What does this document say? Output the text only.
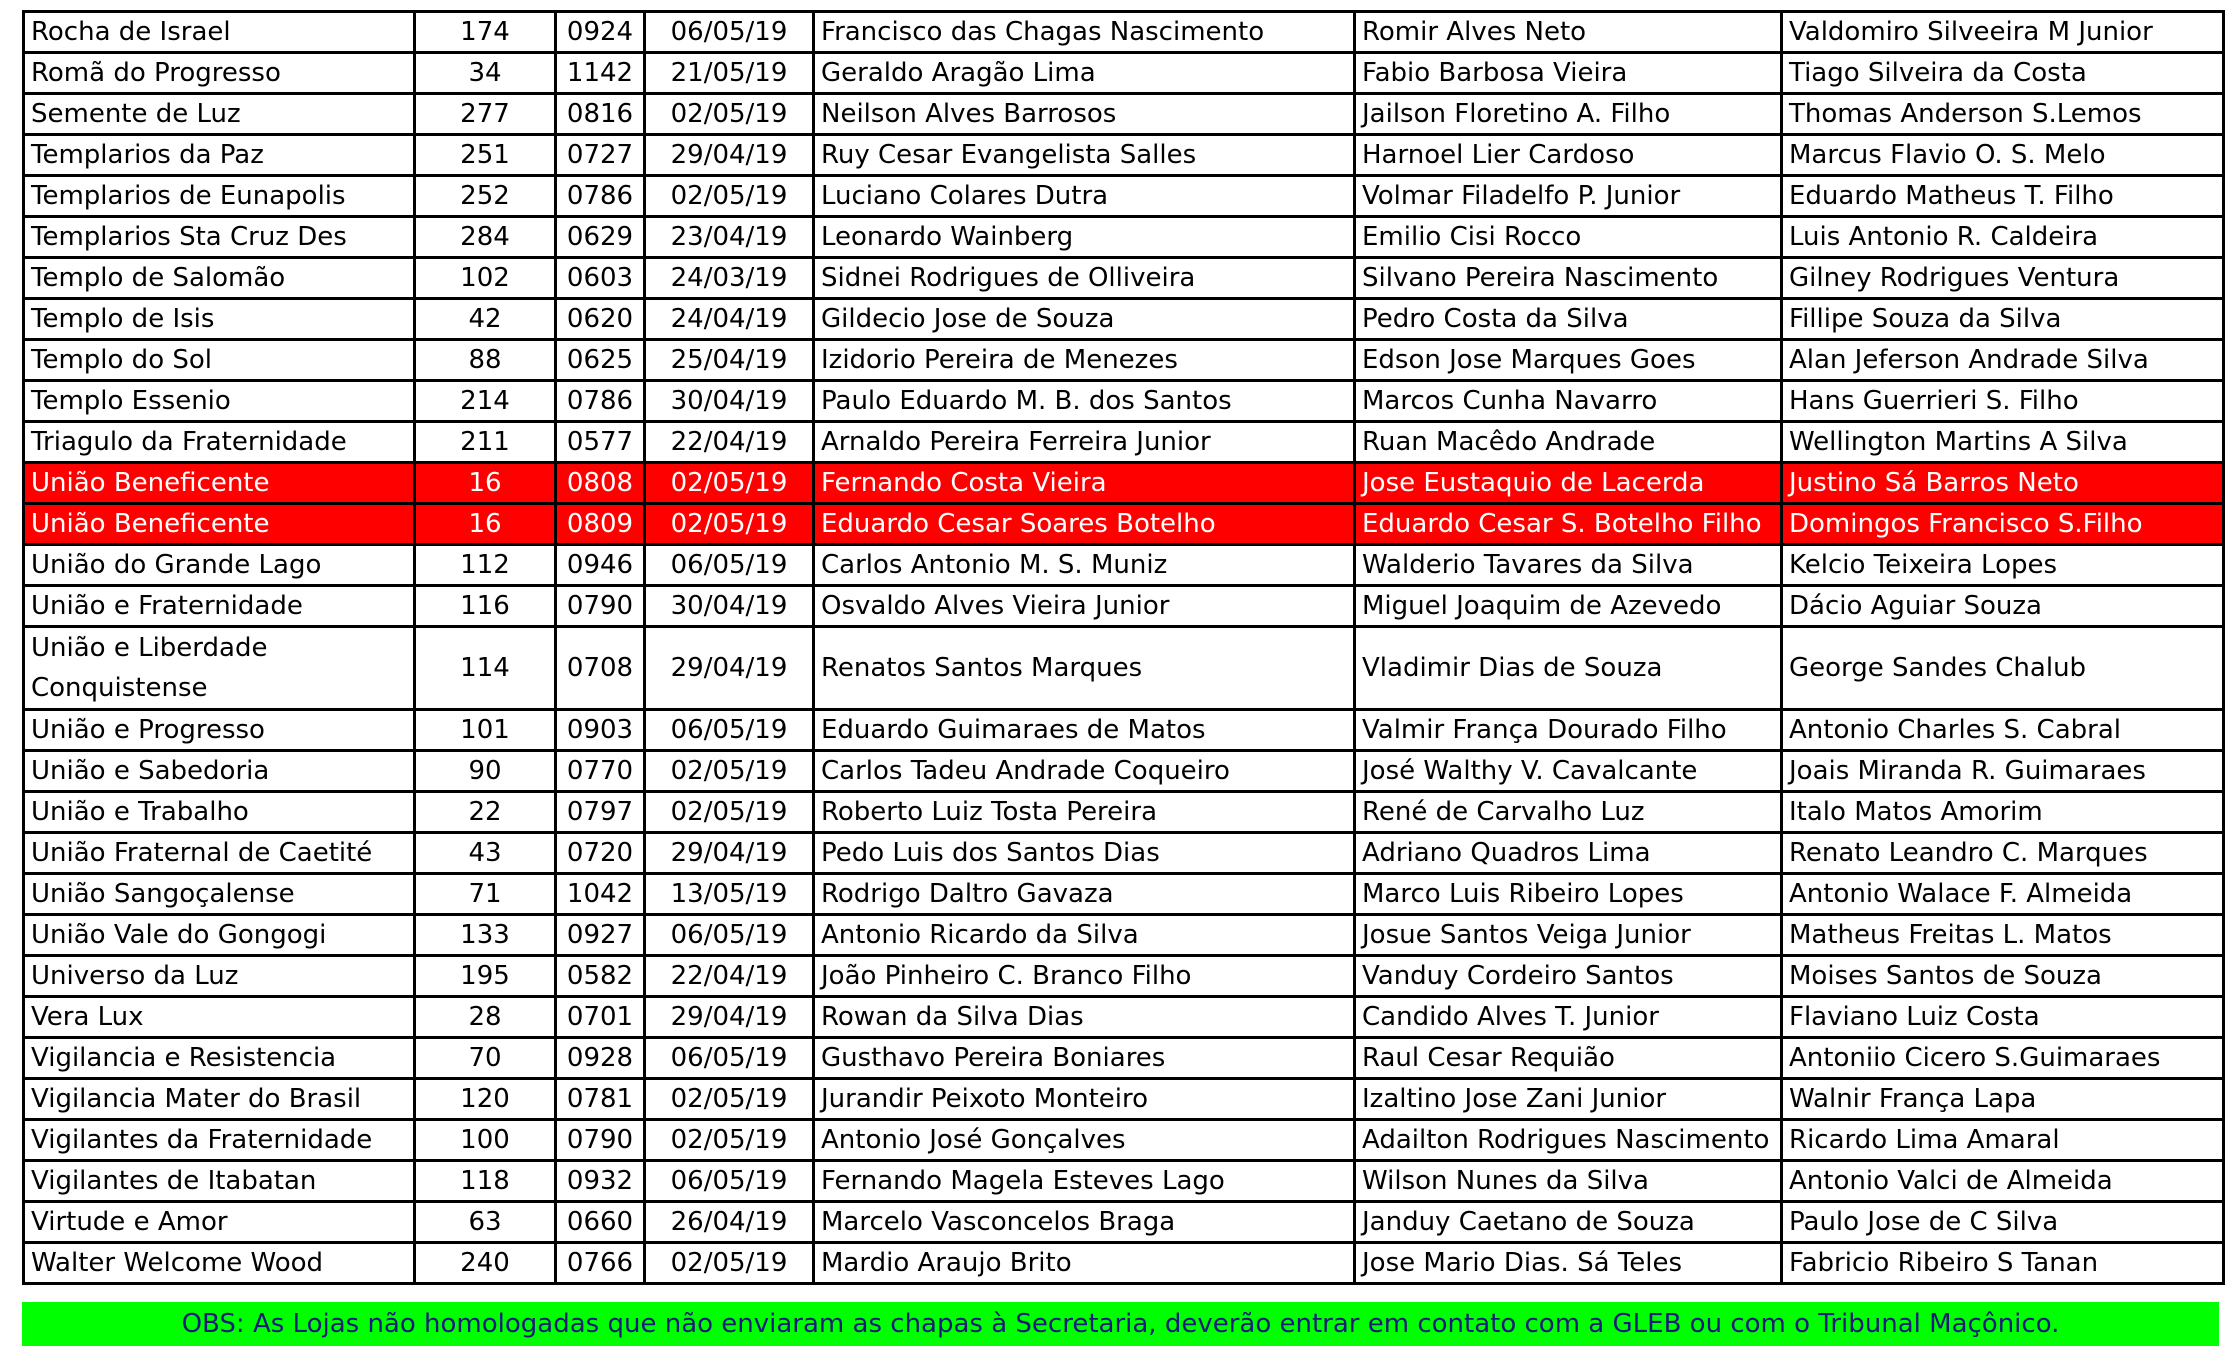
Rocha de Israel	174	0924	06/05/19	Francisco das Chagas Nascimento	Romir Alves Neto	Valdomiro Silveeira M Junior
Romã do Progresso	34	1142	21/05/19	Geraldo Aragão Lima	Fabio Barbosa Vieira	Tiago Silveira da Costa
Semente de Luz	277	0816	02/05/19	Neilson Alves Barrosos	Jailson Floretino A. Filho	Thomas Anderson S.Lemos
Templarios da Paz	251	0727	29/04/19	Ruy Cesar Evangelista Salles	Harnoel Lier Cardoso	Marcus Flavio O. S. Melo
Templarios de Eunapolis	252	0786	02/05/19	Luciano Colares Dutra	Volmar Filadelfo P. Junior	Eduardo Matheus T. Filho
Templarios Sta Cruz Des	284	0629	23/04/19	Leonardo Wainberg	Emilio Cisi Rocco	Luis Antonio R. Caldeira
Templo de Salomão	102	0603	24/03/19	Sidnei Rodrigues de Olliveira	Silvano Pereira Nascimento	Gilney Rodrigues Ventura
Templo de Isis	42	0620	24/04/19	Gildecio Jose de Souza	Pedro Costa da Silva	Fillipe Souza da Silva
Templo do Sol	88	0625	25/04/19	Izidorio Pereira de Menezes	Edson Jose Marques Goes	Alan Jeferson Andrade Silva
Templo Essenio	214	0786	30/04/19	Paulo Eduardo M. B. dos Santos	Marcos Cunha Navarro	Hans Guerrieri S. Filho
Triagulo da Fraternidade	211	0577	22/04/19	Arnaldo Pereira Ferreira Junior	Ruan Macêdo Andrade	Wellington Martins A Silva
União Beneficente	16	0808	02/05/19	Fernando Costa Vieira	Jose Eustaquio de Lacerda	Justino Sá Barros Neto
União Beneficente	16	0809	02/05/19	Eduardo Cesar Soares Botelho	Eduardo Cesar S. Botelho Filho	Domingos Francisco S.Filho
União do Grande Lago	112	0946	06/05/19	Carlos Antonio M. S. Muniz	Walderio Tavares da Silva	Kelcio Teixeira Lopes
União e Fraternidade	116	0790	30/04/19	Osvaldo Alves Vieira Junior	Miguel Joaquim de Azevedo	Dácio Aguiar Souza
União e Liberdade Conquistense	114	0708	29/04/19	Renatos Santos Marques	Vladimir Dias de Souza	George Sandes Chalub
União e Progresso	101	0903	06/05/19	Eduardo Guimaraes de Matos	Valmir França Dourado Filho	Antonio Charles S. Cabral
União e Sabedoria	90	0770	02/05/19	Carlos Tadeu Andrade Coqueiro	José Walthy V. Cavalcante	Joais Miranda R. Guimaraes
União e Trabalho	22	0797	02/05/19	Roberto Luiz Tosta Pereira	René de Carvalho Luz	Italo Matos Amorim
União Fraternal de Caetité	43	0720	29/04/19	Pedo Luis dos Santos Dias	Adriano Quadros Lima	Renato Leandro C. Marques
União Sangoçalense	71	1042	13/05/19	Rodrigo Daltro Gavaza	Marco Luis Ribeiro Lopes	Antonio Walace F. Almeida
União Vale do Gongogi	133	0927	06/05/19	Antonio Ricardo da Silva	Josue Santos Veiga Junior	Matheus Freitas L. Matos
Universo da Luz	195	0582	22/04/19	João Pinheiro C. Branco Filho	Vanduy Cordeiro Santos	Moises Santos de Souza
Vera Lux	28	0701	29/04/19	Rowan da Silva Dias	Candido Alves T. Junior	Flaviano Luiz Costa
Vigilancia e Resistencia	70	0928	06/05/19	Gusthavo Pereira Boniares	Raul Cesar Requião	Antoniio Cicero S.Guimaraes
Vigilancia Mater do Brasil	120	0781	02/05/19	Jurandir Peixoto Monteiro	Izaltino Jose Zani Junior	Walnir França Lapa
Vigilantes da Fraternidade	100	0790	02/05/19	Antonio José Gonçalves	Adailton Rodrigues Nascimento	Ricardo Lima Amaral
Vigilantes de Itabatan	118	0932	06/05/19	Fernando Magela Esteves Lago	Wilson Nunes da Silva	Antonio Valci de Almeida
Virtude e Amor	63	0660	26/04/19	Marcelo Vasconcelos Braga	Janduy Caetano de Souza	Paulo Jose de C Silva
Walter Welcome Wood	240	0766	02/05/19	Mardio Araujo Brito	Jose Mario Dias. Sá Teles	Fabricio Ribeiro S Tanan
OBS: As Lojas não homologadas que não enviaram as chapas à Secretaria, deverão entrar em contato com a GLEB ou com o Tribunal Maçônico.
